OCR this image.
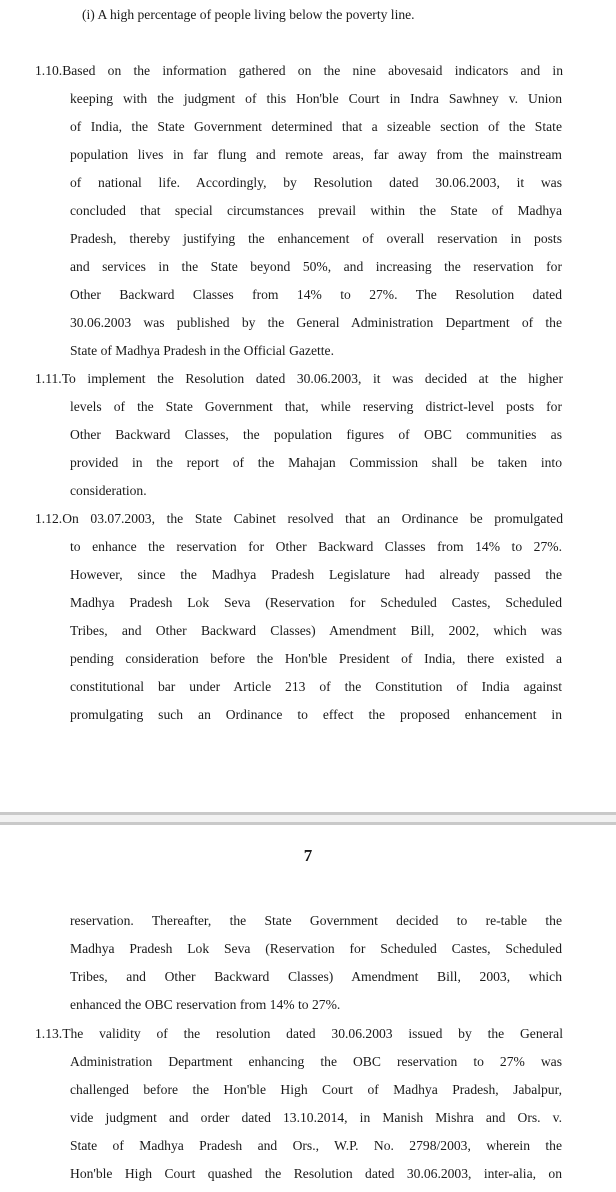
(i) A high percentage of people living below the poverty line.
1.10.Based on the information gathered on the nine abovesaid indicators and in
keeping with the judgment of this Hon'ble Court in Indra Sawhney v. Union
of India, the State Government determined that a sizeable section of the State
population lives in far flung and remote areas, far away from the mainstream
of national life. Accordingly, by Resolution dated 30.06.2003, it was
concluded that special circumstances prevail within the State of Madhya
Pradesh, thereby justifying the enhancement of overall reservation in posts
and services in the State beyond 50%, and increasing the reservation for
Other Backward Classes from 14% to 27%. The Resolution dated
30.06.2003 was published by the General Administration Department of the
State of Madhya Pradesh in the Official Gazette.
1.11.To implement the Resolution dated 30.06.2003, it was decided at the higher
levels of the State Government that, while reserving district-level posts for
Other Backward Classes, the population figures of OBC communities as
provided in the report of the Mahajan Commission shall be taken into
consideration.
1.12.On 03.07.2003, the State Cabinet resolved that an Ordinance be promulgated
to enhance the reservation for Other Backward Classes from 14% to 27%.
However, since the Madhya Pradesh Legislature had already passed the
Madhya Pradesh Lok Seva (Reservation for Scheduled Castes, Scheduled
Tribes, and Other Backward Classes) Amendment Bill, 2002, which was
pending consideration before the Hon'ble President of India, there existed a
constitutional bar under Article 213 of the Constitution of India against
promulgating such an Ordinance to effect the proposed enhancement in
7
reservation. Thereafter, the State Government decided to re-table the
Madhya Pradesh Lok Seva (Reservation for Scheduled Castes, Scheduled
Tribes, and Other Backward Classes) Amendment Bill, 2003, which
enhanced the OBC reservation from 14% to 27%.
1.13.The validity of the resolution dated 30.06.2003 issued by the General
Administration Department enhancing the OBC reservation to 27% was
challenged before the Hon'ble High Court of Madhya Pradesh, Jabalpur,
vide judgment and order dated 13.10.2014, in Manish Mishra and Ors. v.
State of Madhya Pradesh and Ors., W.P. No. 2798/2003, wherein the
Hon'ble High Court quashed the Resolution dated 30.06.2003, inter-alia, on
